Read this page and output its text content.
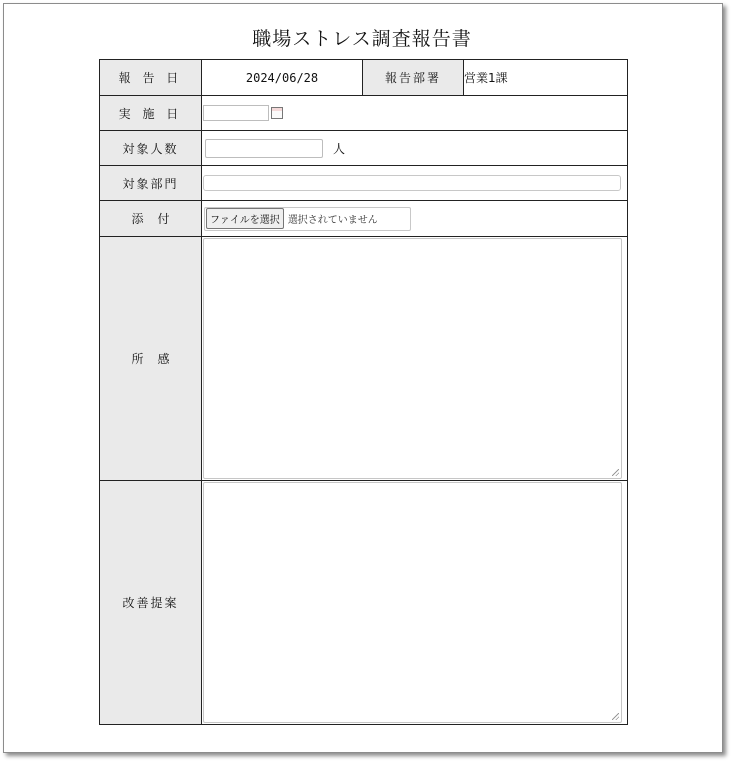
職場ストレス調査報告書
報 告 日	2024/06/28	報告部署	営業1課
実 施 日			
対象人数	人		
対象部門			

添付	ファイルを選択 選択されていません		

所感			

改善提案			
